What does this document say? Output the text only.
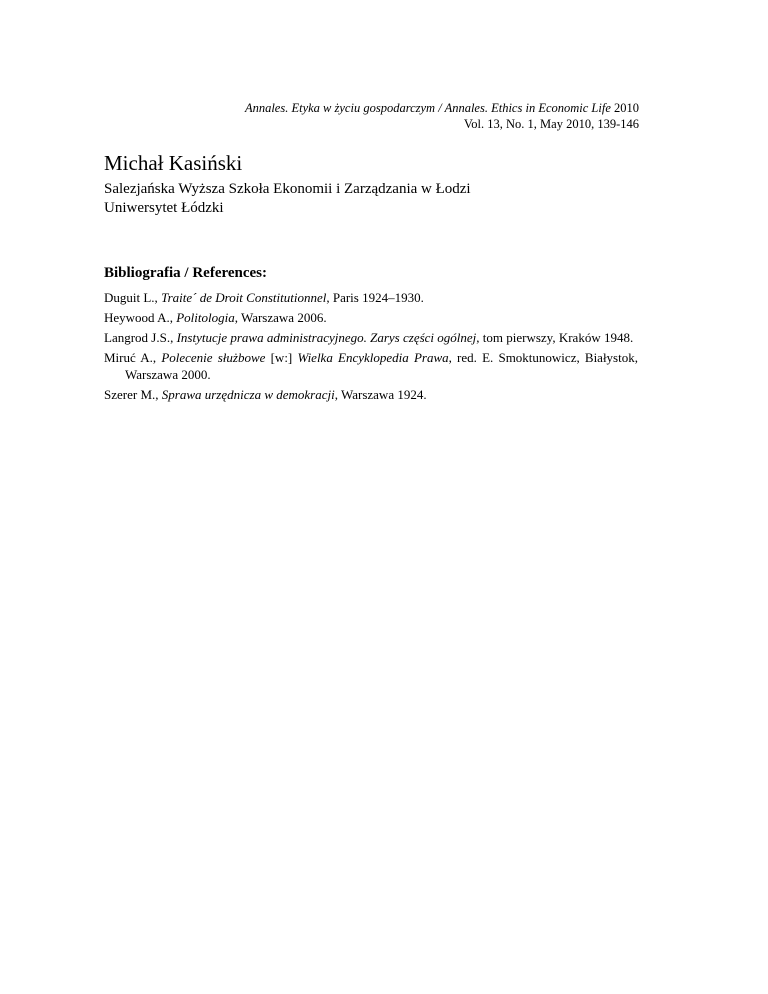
Annales. Etyka w życiu gospodarczym / Annales. Ethics in Economic Life 2010
Vol. 13, No. 1, May 2010, 139-146
Michał Kasiński
Salezjańska Wyższa Szkoła Ekonomii i Zarządzania w Łodzi
Uniwersytet Łódzki
Bibliografia / References:

Duguit L., Traite´ de Droit Constitutionnel, Paris 1924–1930.

Heywood A., Politologia, Warszawa 2006.

Langrod J.S., Instytucje prawa administracyjnego. Zarys części ogólnej, tom pierwszy, Kraków 1948.

Miruć A., Polecenie służbowe [w:] Wielka Encyklopedia Prawa, red. E. Smoktunowicz, Białystok, Warszawa 2000.

Szerer M., Sprawa urzędnicza w demokracji, Warszawa 1924.
